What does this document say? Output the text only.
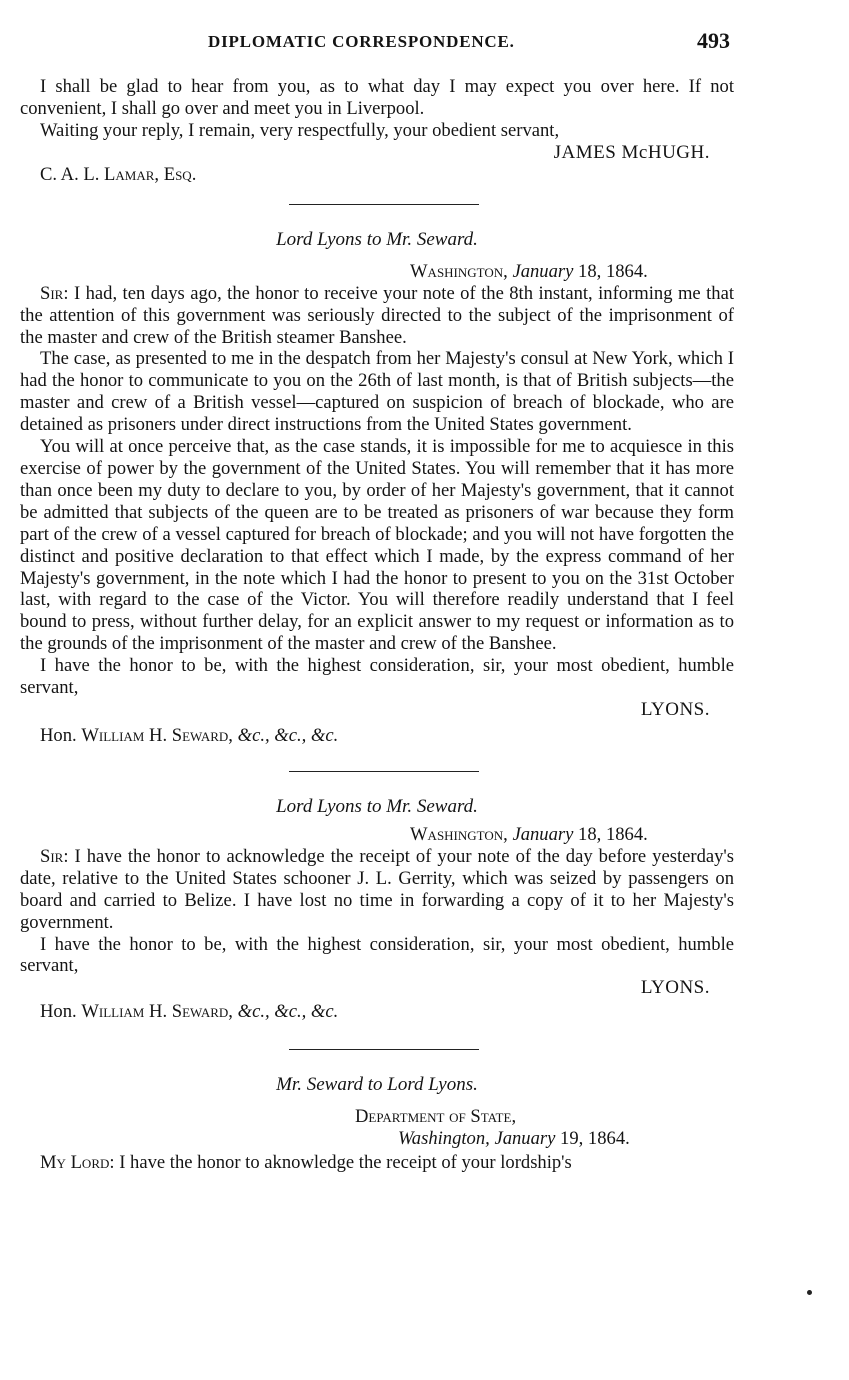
DIPLOMATIC CORRESPONDENCE.	493

I shall be glad to hear from you, as to what day I may expect you over here. If not convenient, I shall go over and meet you in Liverpool.

Waiting your reply, I remain, very respectfully, your obedient servant,

JAMES McHUGH.

C. A. L. Lamar, Esq.

Lord Lyons to Mr. Seward.

Washington, January 18, 1864.

Sir: I had, ten days ago, the honor to receive your note of the 8th instant, informing me that the attention of this government was seriously directed to the subject of the imprisonment of the master and crew of the British steamer Banshee.

The case, as presented to me in the despatch from her Majesty's consul at New York, which I had the honor to communicate to you on the 26th of last month, is that of British subjects—the master and crew of a British vessel—captured on suspicion of breach of blockade, who are detained as prisoners under direct instructions from the United States government.

You will at once perceive that, as the case stands, it is impossible for me to acquiesce in this exercise of power by the government of the United States. You will remember that it has more than once been my duty to declare to you, by order of her Majesty's government, that it cannot be admitted that subjects of the queen are to be treated as prisoners of war because they form part of the crew of a vessel captured for breach of blockade; and you will not have forgotten the distinct and positive declaration to that effect which I made, by the express command of her Majesty's government, in the note which I had the honor to present to you on the 31st October last, with regard to the case of the Victor. You will therefore readily understand that I feel bound to press, without further delay, for an explicit answer to my request or information as to the grounds of the imprisonment of the master and crew of the Banshee.

I have the honor to be, with the highest consideration, sir, your most obedient, humble servant,

LYONS.

Hon. William H. Seward, &c., &c., &c.

Lord Lyons to Mr. Seward.

Washington, January 18, 1864.

Sir: I have the honor to acknowledge the receipt of your note of the day before yesterday's date, relative to the United States schooner J. L. Gerrity, which was seized by passengers on board and carried to Belize. I have lost no time in forwarding a copy of it to her Majesty's government.

I have the honor to be, with the highest consideration, sir, your most obedient, humble servant,

LYONS.

Hon. William H. Seward, &c., &c., &c.

Mr. Seward to Lord Lyons.

Department of State,

Washington, January 19, 1864.

My Lord: I have the honor to aknowledge the receipt of your lordship's
